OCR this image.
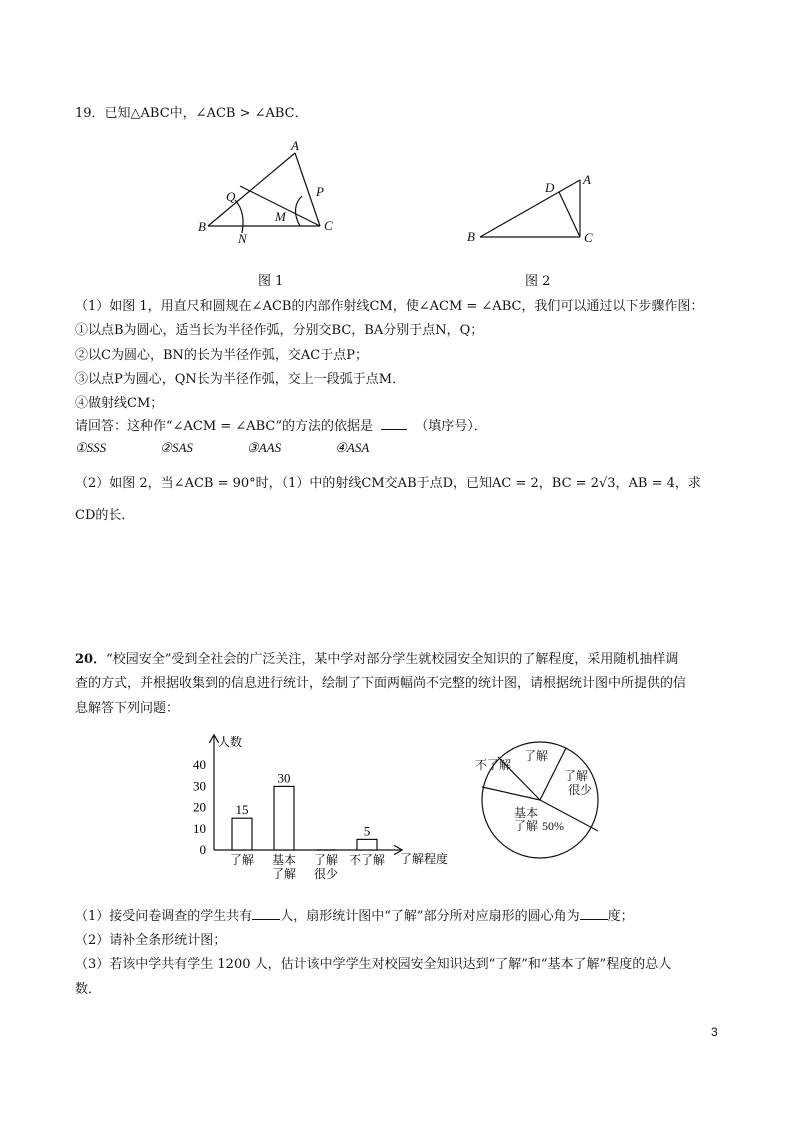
19．已知△ABC中，∠ACB > ∠ABC．
A
B	C
Q	P
M
N
图 1
A
B	C
D
图 2
（1）如图 1，用直尺和圆规在∠ACB的内部作射线CM，使∠ACM = ∠ABC，我们可以通过以下步骤作图：
①以点B为圆心，适当长为半径作弧，分别交BC，BA分别于点N，Q；
②以C为圆心，BN的长为半径作弧，交AC于点P；
③以点P为圆心，QN长为半径作弧，交上一段弧于点M．
④做射线CM；
请回答：这种作“∠ACM = ∠ABC”的方法的依据是	（填序号）．
①SSS	②SAS	③AAS	④ASA
（2）如图 2，当∠ACB = 90°时，（1）中的射线CM交AB于点D，已知AC = 2，BC = 2√3，AB = 4，求
CD的长．
20．“校园安全”受到全社会的广泛关注，某中学对部分学生就校园安全知识的了解程度，采用随机抽样调
查的方式，并根据收集到的信息进行统计，绘制了下面两幅尚不完整的统计图，请根据统计图中所提供的信
息解答下列问题：
人数
了解程度
0
10
20
30
40
15
30
5
了解 基本
了解
了解
很少
不了解
基本
了解 50%
了解
很少
了解
不了解
（1）接受问卷调查的学生共有 人，扇形统计图中“了解”部分所对应扇形的圆心角为 度；
（2）请补全条形统计图；
（3）若该中学共有学生 1200 人，估计该中学学生对校园安全知识达到“了解”和“基本了解”程度的总人
数．
3
